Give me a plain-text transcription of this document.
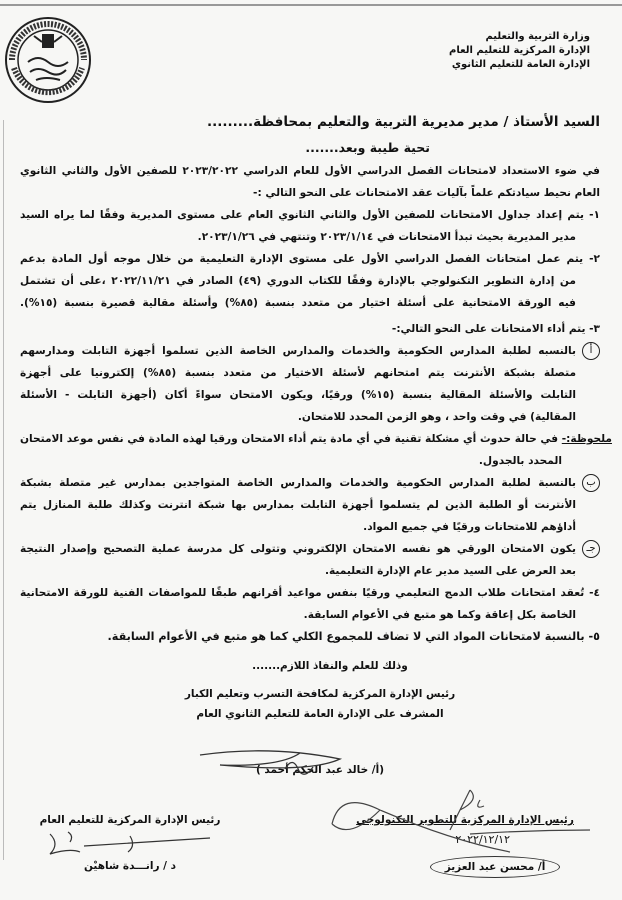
وزارة التربية والتعليم
الإدارة المركزية للتعليم العام
الإدارة العامة للتعليم الثانوي
السيد الأستاذ / مدير مديرية التربية والتعليم بمحافظة.........
تحية طيبة وبعد.......
في ضوء الاستعداد لامتحانات الفصل الدراسي الأول للعام الدراسي ٢٠٢٣/٢٠٢٢ للصفين الأول والثاني الثانوي
العام نحيط سيادتكم علماً بآليات عقد الامتحانات على النحو التالي :-
١- يتم إعداد جداول الامتحانات للصفين الأول والثاني الثانوي العام على مستوى المديرية وفقًا لما يراه السيد
مدير المديرية بحيث تبدأ الامتحانات في ٢٠٢٣/١/١٤ وتنتهي في ٢٠٢٣/١/٢٦.
٢- يتم عمل امتحانات الفصل الدراسي الأول على مستوى الإدارة التعليمية من خلال موجه أول المادة بدعم
من إدارة التطوير التكنولوجي بالإدارة وفقًا للكتاب الدوري (٤٩) الصادر في ٢٠٢٢/١١/٢١ ،على أن تشتمل
فيه الورقة الامتحانية على أسئلة اختيار من متعدد بنسبة (٨٥%) وأسئلة مقالية قصيرة بنسبة (١٥%).
٣- يتم أداء الامتحانات على النحو التالي:-
أ
بالنسبه لطلبة المدارس الحكومية والخدمات والمدارس الخاصة الذين تسلموا أجهزة التابلت ومدارسهم
متصلة بشبكة الأنترنت يتم امتحانهم لأسئلة الاختيار من متعدد بنسبة (٨٥%) إلكترونيا على أجهزة
التابلت والأسئلة المقالية بنسبة (١٥%) ورقيًا، ويكون الامتحان سواءً أكان (أجهزة التابلت - الأسئلة
المقالية) في وقت واحد ، وهو الزمن المحدد للامتحان.
ملحوظة:- في حالة حدوث أي مشكلة تقنية في أي مادة يتم أداء الامتحان ورقيا لهذه المادة في نفس موعد الامتحان
المحدد بالجدول.
ب
بالنسبة لطلبة المدارس الحكومية والخدمات والمدارس الخاصة المتواجدين بمدارس غير متصلة بشبكة
الأنترنت أو الطلبة الذين لم يتسلموا أجهزة التابلت بمدارس بها شبكة انترنت وكذلك طلبة المنازل يتم
أداؤهم للامتحانات ورقيًا في جميع المواد.
جـ
يكون الامتحان الورقي هو نفسه الامتحان الإلكتروني وتتولى كل مدرسة عملية التصحيح وإصدار النتيجة
بعد العرض على السيد مدير عام الإدارة التعليمية.
٤- تُعقد امتحانات طلاب الدمج التعليمي ورقيًا بنفس مواعيد أقرانهم طبقًا للمواصفات الفنية للورقة الامتحانية
الخاصة بكل إعاقة وكما هو متبع في الأعوام السابقة.
٥- بالنسبة لامتحانات المواد التي لا تضاف للمجموع الكلي كما هو متبع في الأعوام السابقة.
وذلك للعلم والنفاذ اللازم.......
رئيس الإدارة المركزية لمكافحة التسرب وتعليم الكبار
المشرف على الإدارة العامة للتعليم الثانوي العام
(أ/ خالد عبد الحكم أحمد )
رئيس الإدارة المركزية للتطوير التكنولوجي
٢٠٢٢/١٢/١٢
أ/ محسن عبد العزيز
رئيس الإدارة المركزية للتعليم العام
د / رانـــدة شاهيْن
